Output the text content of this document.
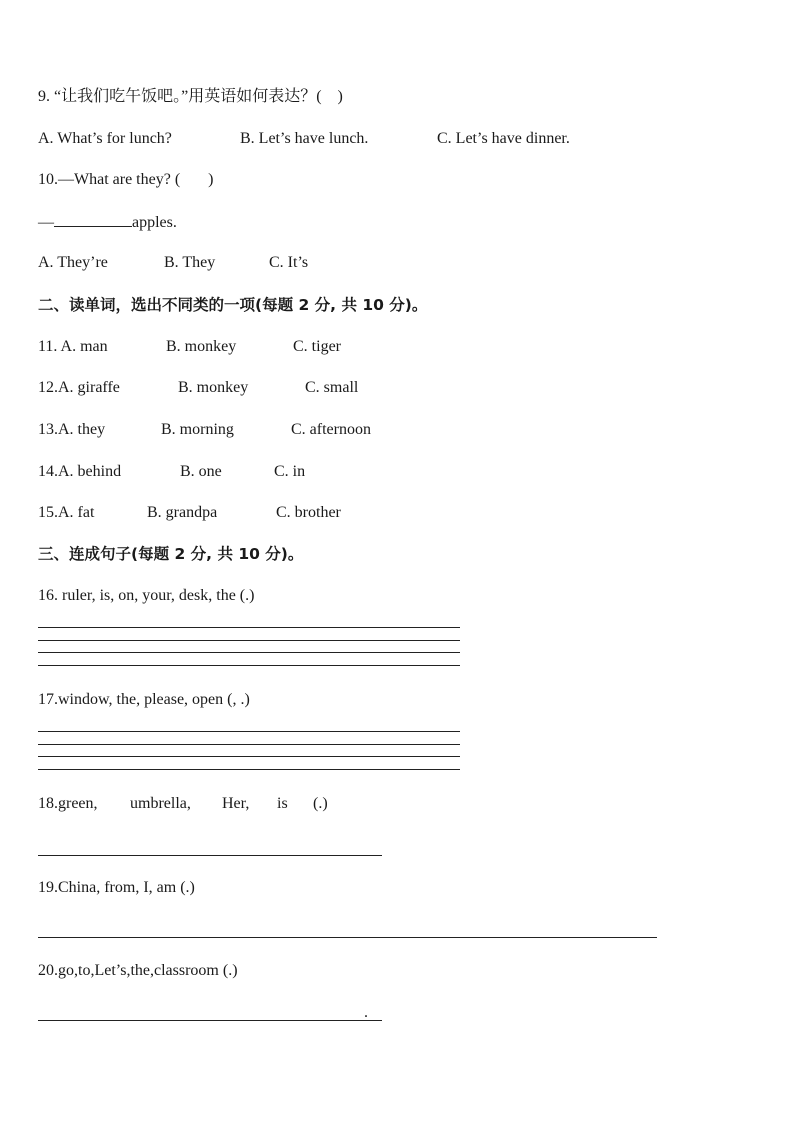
9. “让我们吃午饭吧。”用英语如何表达？(    )
A. What’s for lunch?	B. Let’s have lunch.	C. Let’s have dinner.
10.—What are they? (       )
—	apples.
A. They’re	B. They	C. It’s
二、读单词，选出不同类的一项(每题 2 分, 共 10 分)。
11. A. man	B. monkey	C. tiger
12.A. giraffe	B. monkey	C. small
13.A. they	B. morning	C. afternoon
14.A. behind	B. one	C. in
15.A. fat	B. grandpa	C. brother
三、连成句子(每题 2 分, 共 10 分)。
16. ruler, is, on, your, desk, the (.)
17.window, the, please, open (, .)
18.green, umbrella, Her, is (.)
19.China, from, I, am (.)
20.go,to,Let’s,the,classroom (.)
.
